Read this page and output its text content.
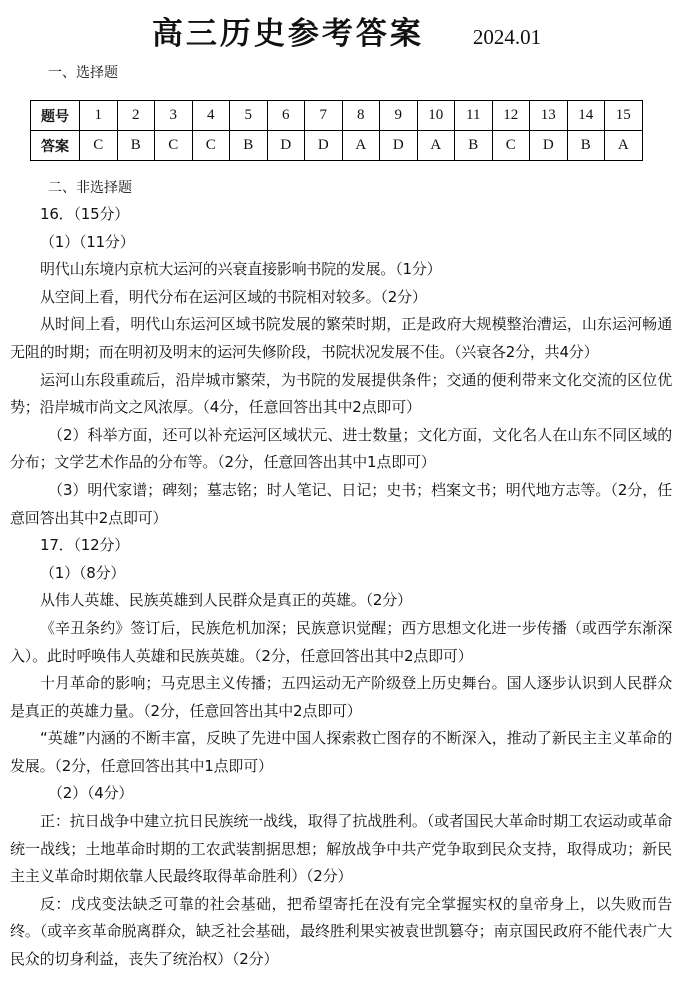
高三历史参考答案 2024.01
一、选择题
题号	1	2	3	4	5	6	7	8	9	10	11	12	13	14	15
答案	C	B	C	C	B	D	D	A	D	A	B	C	D	B	A
二、非选择题

16．（15分）

（1）（11分）

明代山东境内京杭大运河的兴衰直接影响书院的发展。（1分）

从空间上看，明代分布在运河区域的书院相对较多。（2分）

从时间上看，明代山东运河区域书院发展的繁荣时期，正是政府大规模整治漕运，山东运河畅通无阻的时期；而在明初及明末的运河失修阶段，书院状况发展不佳。（兴衰各2分，共4分）

运河山东段重疏后，沿岸城市繁荣，为书院的发展提供条件；交通的便利带来文化交流的区位优势；沿岸城市尚文之风浓厚。（4分，任意回答出其中2点即可）

（2）科举方面，还可以补充运河区域状元、进士数量；文化方面，文化名人在山东不同区域的分布；文学艺术作品的分布等。（2分，任意回答出其中1点即可）

（3）明代家谱；碑刻；墓志铭；时人笔记、日记；史书；档案文书；明代地方志等。（2分，任意回答出其中2点即可）

17．（12分）

（1）（8分）

从伟人英雄、民族英雄到人民群众是真正的英雄。（2分）

《辛丑条约》签订后，民族危机加深；民族意识觉醒；西方思想文化进一步传播（或西学东渐深入）。此时呼唤伟人英雄和民族英雄。（2分，任意回答出其中2点即可）

十月革命的影响；马克思主义传播；五四运动无产阶级登上历史舞台。国人逐步认识到人民群众是真正的英雄力量。（2分，任意回答出其中2点即可）

“英雄”内涵的不断丰富，反映了先进中国人探索救亡图存的不断深入，推动了新民主主义革命的发展。（2分，任意回答出其中1点即可）

（2）（4分）

正：抗日战争中建立抗日民族统一战线，取得了抗战胜利。（或者国民大革命时期工农运动或革命统一战线；土地革命时期的工农武装割据思想；解放战争中共产党争取到民众支持，取得成功；新民主主义革命时期依靠人民最终取得革命胜利）（2分）

反：戊戌变法缺乏可靠的社会基础，把希望寄托在没有完全掌握实权的皇帝身上，以失败而告终。（或辛亥革命脱离群众，缺乏社会基础，最终胜利果实被袁世凯篡夺；南京国民政府不能代表广大民众的切身利益，丧失了统治权）（2分）
